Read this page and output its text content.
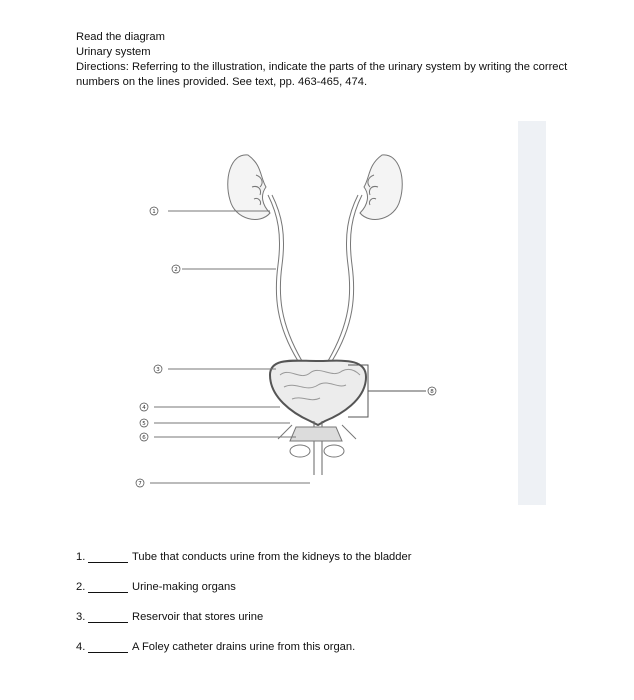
Read the diagram
Urinary system
Directions: Referring to the illustration, indicate the parts of the urinary system by writing the correct numbers on the lines provided. See text, pp. 463-465, 474.
1
2
3
4
5
6
7
8
1.	Tube that conducts urine from the kidneys to the bladder
2.	Urine-making organs
3.	Reservoir that stores urine
4.	A Foley catheter drains urine from this organ.
